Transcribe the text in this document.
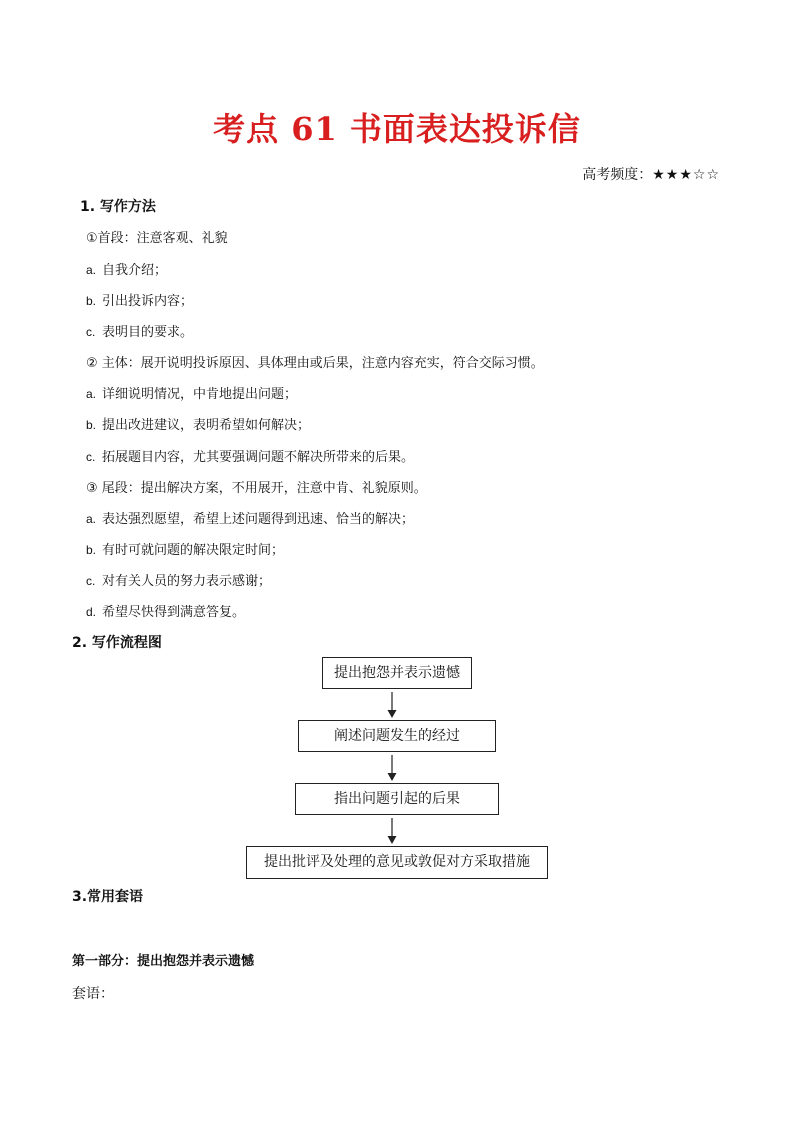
考点 61 书面表达投诉信
高考频度：★★★☆☆
1. 写作方法
①首段：注意客观、礼貌
a. 自我介绍；
b. 引出投诉内容；
c. 表明目的要求。
② 主体：展开说明投诉原因、具体理由或后果，注意内容充实，符合交际习惯。
a. 详细说明情况，中肯地提出问题；
b. 提出改进建议，表明希望如何解决；
c. 拓展题目内容，尤其要强调问题不解决所带来的后果。
③ 尾段：提出解决方案，不用展开，注意中肯、礼貌原则。
a. 表达强烈愿望，希望上述问题得到迅速、恰当的解决；
b. 有时可就问题的解决限定时间；
c. 对有关人员的努力表示感谢；
d. 希望尽快得到满意答复。
2. 写作流程图
提出抱怨并表示遗憾
阐述问题发生的经过
指出问题引起的后果
提出批评及处理的意见或敦促对方采取措施
3.常用套语
第一部分：提出抱怨并表示遗憾
套语：
